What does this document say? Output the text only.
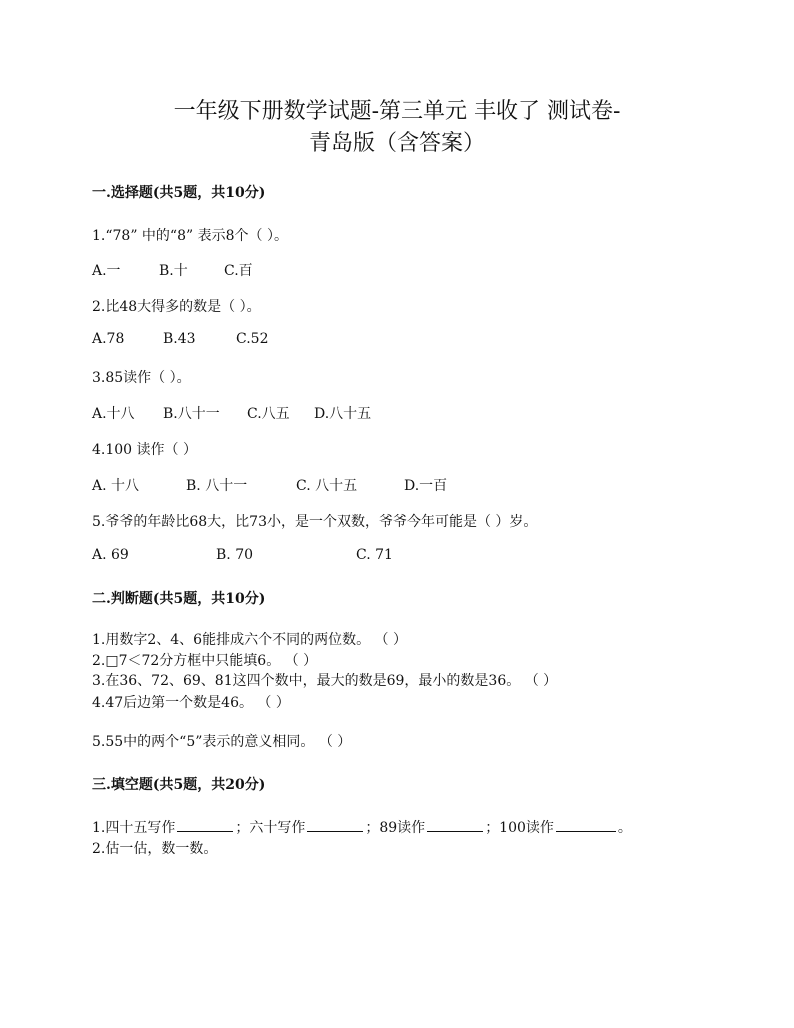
一年级下册数学试题-第三单元 丰收了 测试卷-
青岛版（含答案）
一.选择题(共5题，共10分)
1.“78” 中的“8” 表示8个（ ）。
A.一	B.十	C.百
2.比48大得多的数是（ ）。
A.78	B.43	C.52
3.85读作（ ）。
A.十八 B.八十一 C.八五 D.八十五
4.100 读作（ ）
A. 十八	B. 八十一	C. 八十五	D.一百
5.爷爷的年龄比68大，比73小，是一个双数，爷爷今年可能是（ ）岁。
A. 69	B. 70	C. 71
二.判断题(共5题，共10分)
1.用数字2、4、6能排成六个不同的两位数。 （ ）
2.□7＜72分方框中只能填6。 （ ）
3.在36、72、69、81这四个数中，最大的数是69，最小的数是36。 （ ）
4.47后边第一个数是46。 （ ）
5.55中的两个“5”表示的意义相同。 （ ）
三.填空题(共5题，共20分)
1.四十五写作	；六十写作	；89读作	；100读作	。
2.估一估，数一数。
